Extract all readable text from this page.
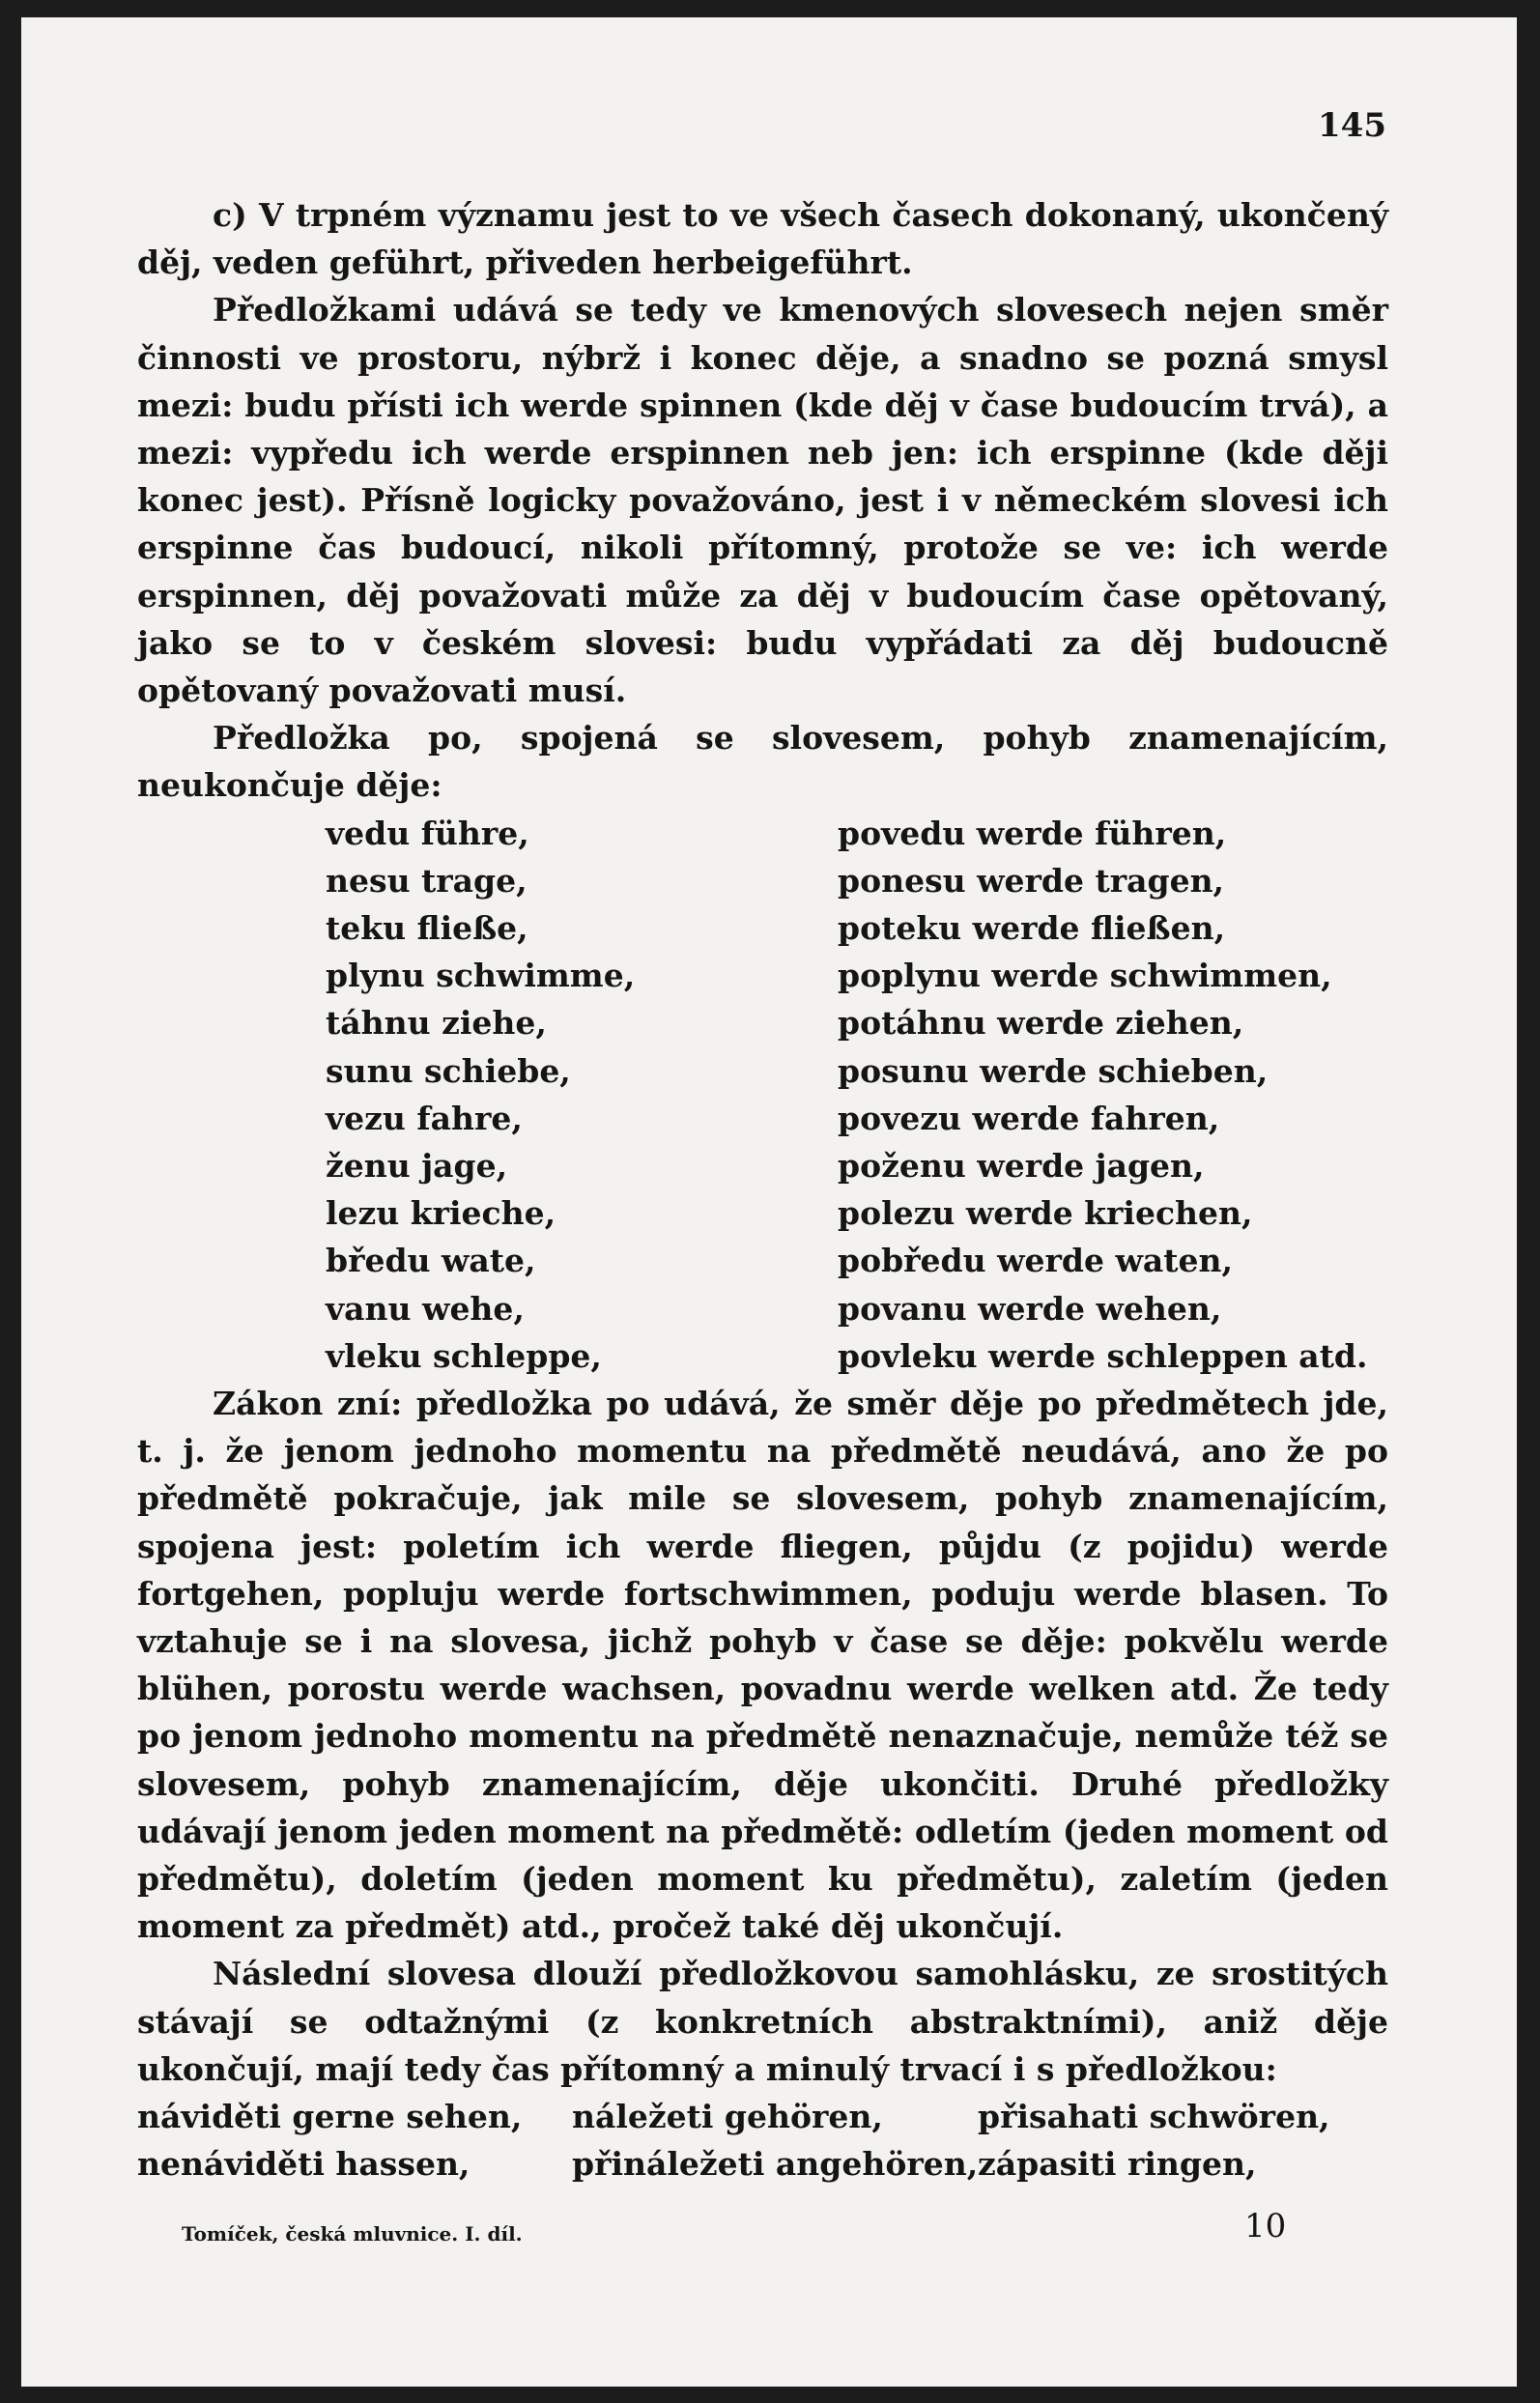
145

c) V trpném významu jest to ve všech časech dokonaný, ukončený děj, veden geführt, přiveden herbeigeführt.

Předložkami udává se tedy ve kmenových slovesech nejen směr činnosti ve prostoru, nýbrž i konec děje, a snadno se pozná smysl mezi: budu přísti ich werde spinnen (kde děj v čase budoucím trvá), a mezi: vypředu ich werde erspinnen neb jen: ich erspinne (kde ději konec jest). Přísně logicky považováno, jest i v německém slovesi ich erspinne čas budoucí, nikoli přítomný, protože se ve: ich werde erspinnen, děj považovati může za děj v budoucím čase opětovaný, jako se to v českém slovesi: budu vypřádati za děj budoucně opětovaný považovati musí.

Předložka po, spojená se slovesem, pohyb znamenajícím, neukončuje děje:

vedu führe,	povedu werde führen,
nesu trage,	ponesu werde tragen,
teku fließe,	poteku werde fließen,
plynu schwimme,	poplynu werde schwimmen,
táhnu ziehe,	potáhnu werde ziehen,
sunu schiebe,	posunu werde schieben,
vezu fahre,	povezu werde fahren,
ženu jage,	poženu werde jagen,
lezu krieche,	polezu werde kriechen,
bředu wate,	pobředu werde waten,
vanu wehe,	povanu werde wehen,
vleku schleppe,	povleku werde schleppen atd.

Zákon zní: předložka po udává, že směr děje po předmětech jde, t. j. že jenom jednoho momentu na předmětě neudává, ano že po předmětě pokračuje, jak mile se slovesem, pohyb znamenajícím, spojena jest: poletím ich werde fliegen, půjdu (z pojidu) werde fortgehen, popluju werde fortschwimmen, poduju werde blasen. To vztahuje se i na slovesa, jichž pohyb v čase se děje: pokvělu werde blühen, porostu werde wachsen, povadnu werde welken atd. Že tedy po jenom jednoho momentu na předmětě nenaznačuje, nemůže též se slovesem, pohyb znamenajícím, děje ukončiti. Druhé předložky udávají jenom jeden moment na předmětě: odletím (jeden moment od předmětu), doletím (jeden moment ku předmětu), zaletím (jeden moment za předmět) atd., pročež také děj ukončují.

Následní slovesa dlouží předložkovou samohlásku, ze srostitých stávají se odtažnými (z konkretních abstraktními), aniž děje ukončují, mají tedy čas přítomný a minulý trvací i s předložkou:

náviděti gerne sehen,	náležeti gehören,	přisahati schwören,
nenáviděti hassen,	přináležeti angehören, zápasiti ringen,

Tomíček, česká mluvnice. I. díl.	10
